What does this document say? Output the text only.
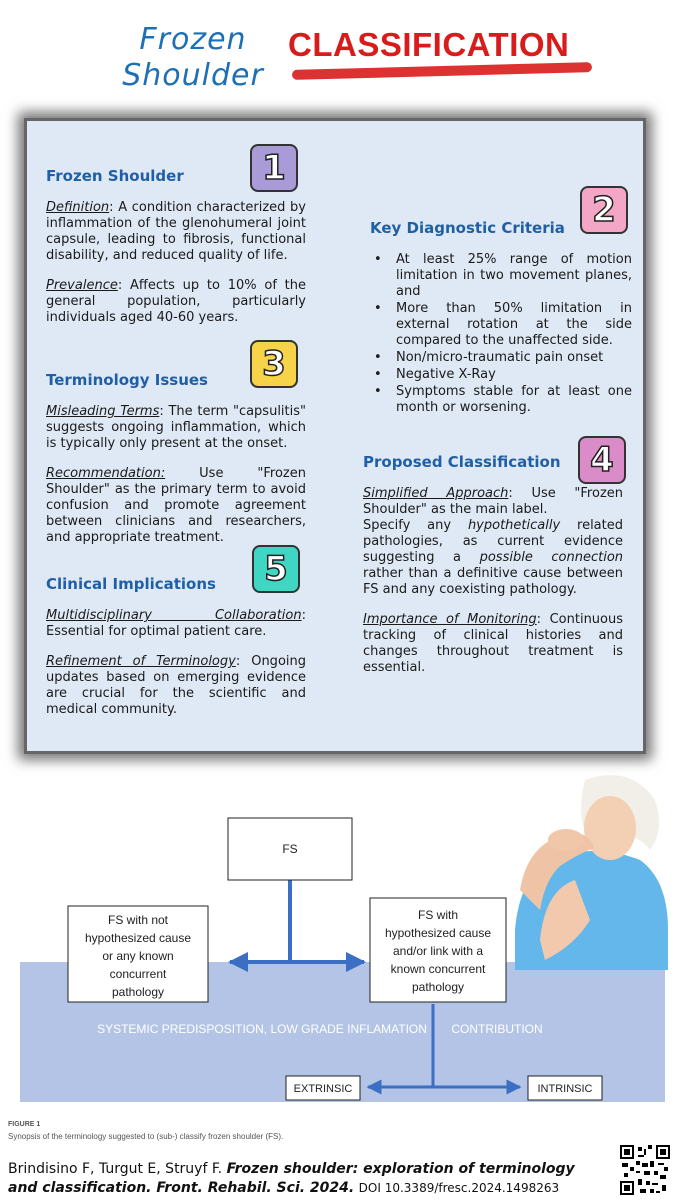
Frozen
Shoulder
CLASSIFICATION
1
2
3
4
5
Frozen Shoulder

Definition: A condition characterized by inflammation of the glenohumeral joint capsule, leading to fibrosis, functional disability, and reduced quality of life.

Prevalence: Affects up to 10% of the general population, particularly individuals aged 40-60 years.

Key Diagnostic Criteria
• At least 25% range of motion limitation in two movement planes, and
• More than 50% limitation in external rotation at the side compared to the unaffected side.
• Non/micro-traumatic pain onset
• Negative X-Ray
• Symptoms stable for at least one month or worsening.
Terminology Issues

Misleading Terms: The term "capsulitis" suggests ongoing inflammation, which is typically only present at the onset.

Recommendation: Use "Frozen Shoulder" as the primary term to avoid confusion and promote agreement between clinicians and researchers, and appropriate treatment.

Proposed Classification

Simplified Approach: Use "Frozen Shoulder" as the main label.

Specify any hypothetically related pathologies, as current evidence suggesting a possible connection rather than a definitive cause between FS and any coexisting pathology.

Importance of Monitoring: Continuous tracking of clinical histories and changes throughout treatment is essential.

Clinical Implications

Multidisciplinary Collaboration: Essential for optimal patient care.

Refinement of Terminology: Ongoing updates based on emerging evidence are crucial for the scientific and medical community.

SYSTEMIC PREDISPOSITION, LOW GRADE INFLAMATION CONTRIBUTION
FS
FS with not
hypothesized cause
or any known
concurrent
pathology
FS with
hypothesized cause
and/or link with a
known concurrent
pathology
EXTRINSIC	INTRINSIC
FIGURE 1
Synopsis of the terminology suggested to (sub-) classify frozen shoulder (FS).
Brindisino F, Turgut E, Struyf F. Frozen shoulder: exploration of terminology and classification. Front. Rehabil. Sci. 2024. DOI 10.3389/fresc.2024.1498263
